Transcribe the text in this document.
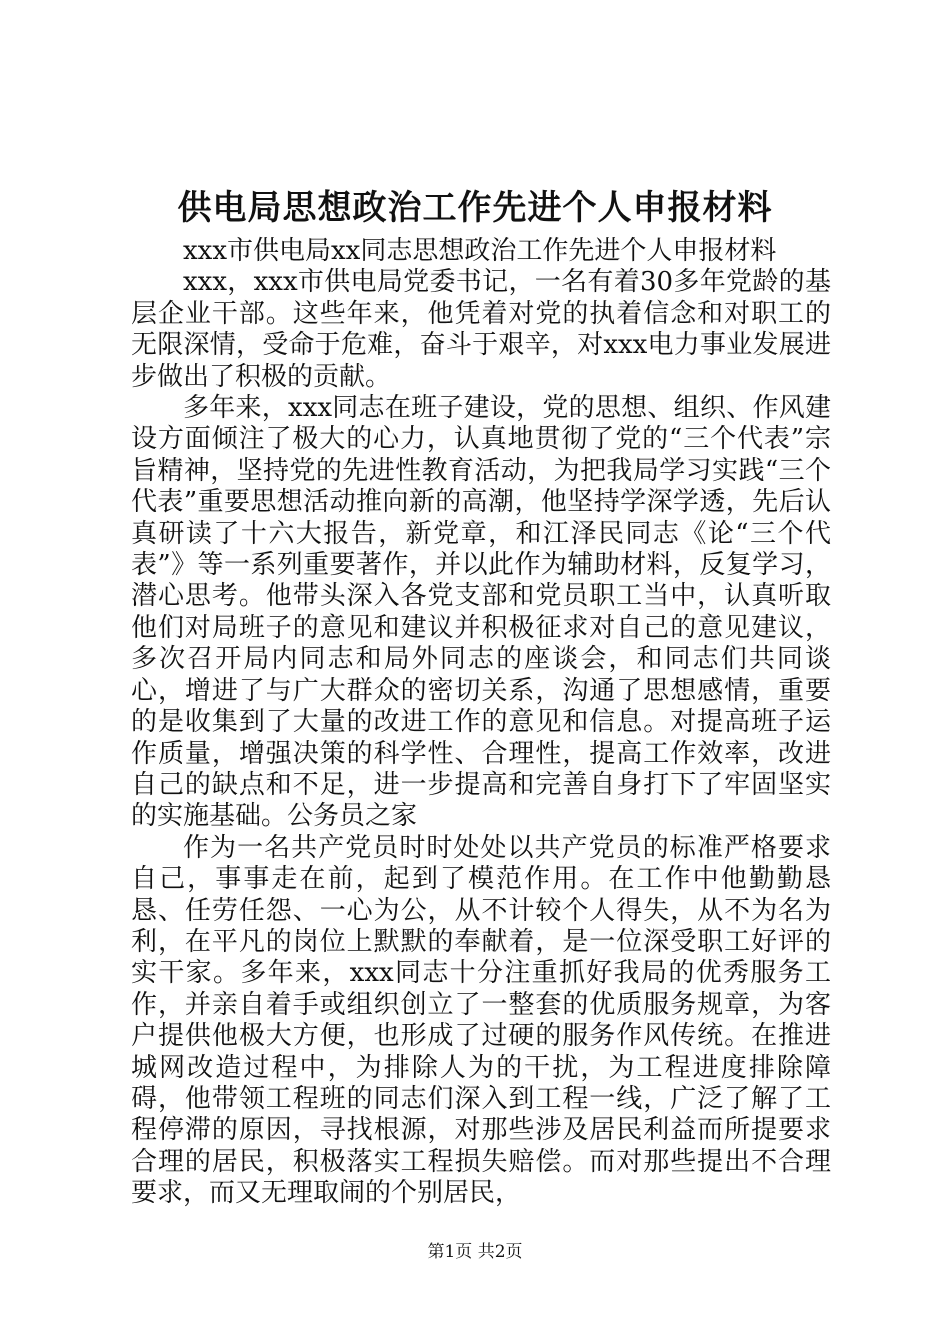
供电局思想政治工作先进个人申报材料

xxx市供电局xx同志思想政治工作先进个人申报材料

xxx，xxx市供电局党委书记，一名有着30多年党龄的基层企业干部。这些年来，他凭着对党的执着信念和对职工的无限深情，受命于危难，奋斗于艰辛，对xxx电力事业发展进步做出了积极的贡献。

多年来，xxx同志在班子建设，党的思想、组织、作风建设方面倾注了极大的心力，认真地贯彻了党的“三个代表”宗旨精神，坚持党的先进性教育活动，为把我局学习实践“三个代表”重要思想活动推向新的高潮，他坚持学深学透，先后认真研读了十六大报告，新党章，和江泽民同志《论“三个代表”》等一系列重要著作，并以此作为辅助材料，反复学习，潜心思考。他带头深入各党支部和党员职工当中，认真听取他们对局班子的意见和建议并积极征求对自己的意见建议，多次召开局内同志和局外同志的座谈会，和同志们共同谈心，增进了与广大群众的密切关系，沟通了思想感情，重要的是收集到了大量的改进工作的意见和信息。对提高班子运作质量，增强决策的科学性、合理性，提高工作效率，改进自己的缺点和不足，进一步提高和完善自身打下了牢固坚实的实施基础。公务员之家

作为一名共产党员时时处处以共产党员的标准严格要求自己，事事走在前，起到了模范作用。在工作中他勤勤恳恳、任劳任怨、一心为公，从不计较个人得失，从不为名为利，在平凡的岗位上默默的奉献着，是一位深受职工好评的实干家。多年来，xxx同志十分注重抓好我局的优秀服务工作，并亲自着手或组织创立了一整套的优质服务规章，为客户提供他极大方便，也形成了过硬的服务作风传统。在推进城网改造过程中，为排除人为的干扰，为工程进度排除障碍，他带领工程班的同志们深入到工程一线，广泛了解了工程停滞的原因，寻找根源，对那些涉及居民利益而所提要求合理的居民，积极落实工程损失赔偿。而对那些提出不合理要求，而又无理取闹的个别居民，

第1页 共2页
